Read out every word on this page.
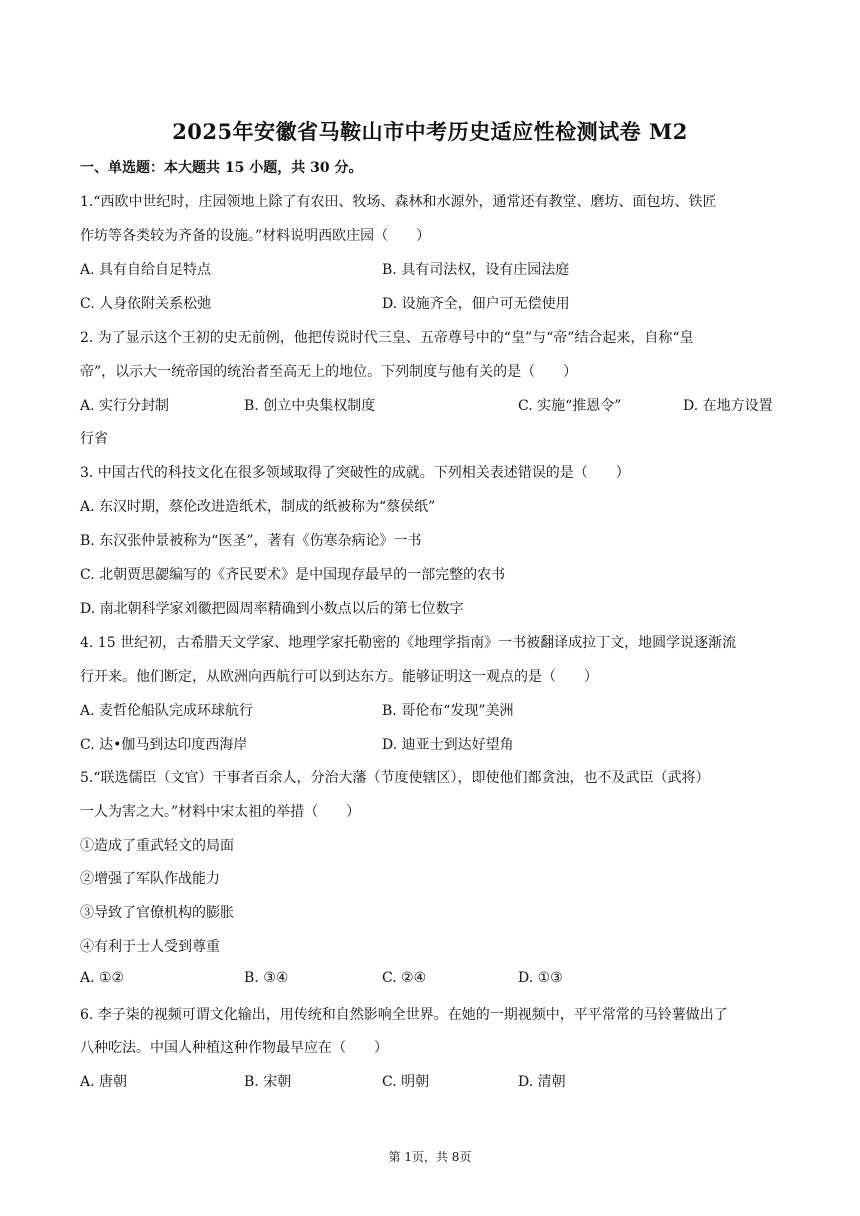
2025年安徽省马鞍山市中考历史适应性检测试卷 M2
一、单选题：本大题共 15 小题，共 30 分。
1.“西欧中世纪时，庄园领地上除了有农田、牧场、森林和水源外，通常还有教堂、磨坊、面包坊、铁匠
作坊等各类较为齐备的设施。”材料说明西欧庄园（　　）
A. 具有自给自足特点	B. 具有司法权，设有庄园法庭
C. 人身依附关系松弛	D. 设施齐全，佃户可无偿使用
2. 为了显示这个王初的史无前例，他把传说时代三皇、五帝尊号中的“皇”与“帝”结合起来，自称“皇
帝”，以示大一统帝国的统治者至高无上的地位。下列制度与他有关的是（　　）
A. 实行分封制	B. 创立中央集权制度	C. 实施“推恩令”	D. 在地方设置
行省
3. 中国古代的科技文化在很多领域取得了突破性的成就。下列相关表述错误的是（　　）
A. 东汉时期，蔡伦改进造纸术，制成的纸被称为“蔡侯纸”
B. 东汉张仲景被称为“医圣”，著有《伤寒杂病论》一书
C. 北朝贾思勰编写的《齐民要术》是中国现存最早的一部完整的农书
D. 南北朝科学家刘徽把圆周率精确到小数点以后的第七位数字
4. 15 世纪初，古希腊天文学家、地理学家托勒密的《地理学指南》一书被翻译成拉丁文，地圆学说逐渐流
行开来。他们断定，从欧洲向西航行可以到达东方。能够证明这一观点的是（　　）
A. 麦哲伦船队完成环球航行	B. 哥伦布“发现”美洲
C. 达•伽马到达印度西海岸	D. 迪亚士到达好望角
5.“联选儒臣（文官）干事者百余人，分治大藩（节度使辖区），即使他们都贪浊，也不及武臣（武将）
一人为害之大。”材料中宋太祖的举措（　　）
①造成了重武轻文的局面
②增强了军队作战能力
③导致了官僚机构的膨胀
④有利于士人受到尊重
A. ①②	B. ③④	C. ②④	D. ①③
6. 李子柒的视频可谓文化输出，用传统和自然影响全世界。在她的一期视频中，平平常常的马铃薯做出了
八种吃法。中国人种植这种作物最早应在（　　）
A. 唐朝	B. 宋朝	C. 明朝	D. 清朝
第 1页，共 8页
